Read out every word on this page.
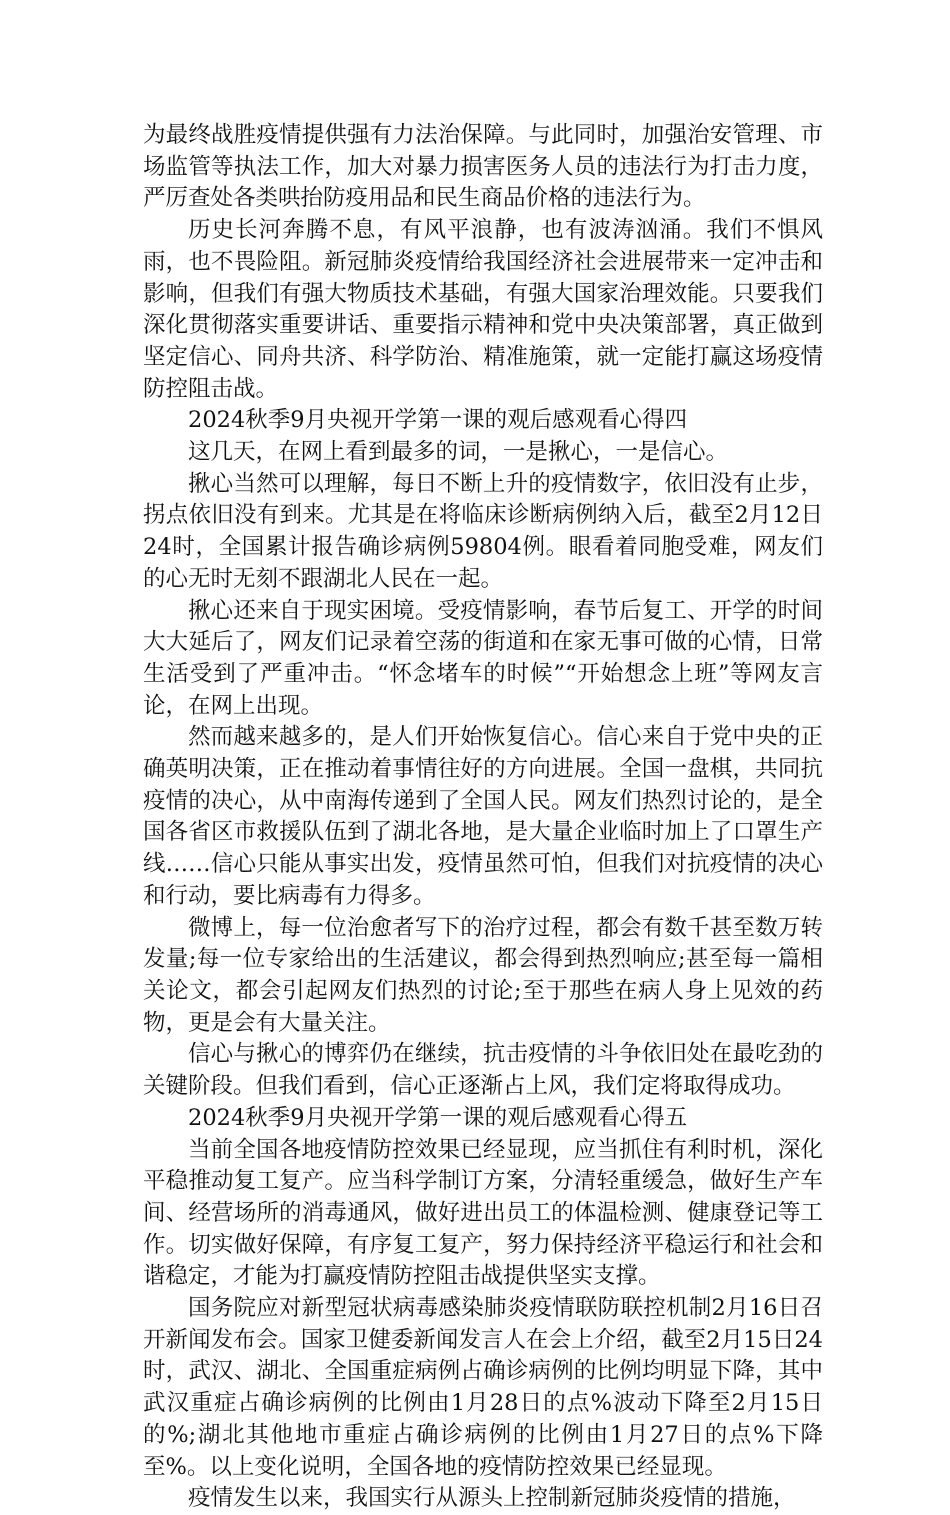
为最终战胜疫情提供强有力法治保障。与此同时，加强治安管理、市场监管等执法工作，加大对暴力损害医务人员的违法行为打击力度，严厉查处各类哄抬防疫用品和民生商品价格的违法行为。

历史长河奔腾不息，有风平浪静，也有波涛汹涌。我们不惧风雨，也不畏险阻。新冠肺炎疫情给我国经济社会进展带来一定冲击和影响，但我们有强大物质技术基础，有强大国家治理效能。只要我们深化贯彻落实重要讲话、重要指示精神和党中央决策部署，真正做到坚定信心、同舟共济、科学防治、精准施策，就一定能打赢这场疫情防控阻击战。

2024秋季9月央视开学第一课的观后感观看心得四

这几天，在网上看到最多的词，一是揪心，一是信心。

揪心当然可以理解，每日不断上升的疫情数字，依旧没有止步，拐点依旧没有到来。尤其是在将临床诊断病例纳入后，截至2月12日24时，全国累计报告确诊病例59804例。眼看着同胞受难，网友们的心无时无刻不跟湖北人民在一起。

揪心还来自于现实困境。受疫情影响，春节后复工、开学的时间大大延后了，网友们记录着空荡的街道和在家无事可做的心情，日常生活受到了严重冲击。“怀念堵车的时候”“开始想念上班”等网友言论，在网上出现。

然而越来越多的，是人们开始恢复信心。信心来自于党中央的正确英明决策，正在推动着事情往好的方向进展。全国一盘棋，共同抗疫情的决心，从中南海传递到了全国人民。网友们热烈讨论的，是全国各省区市救援队伍到了湖北各地，是大量企业临时加上了口罩生产线……信心只能从事实出发，疫情虽然可怕，但我们对抗疫情的决心和行动，要比病毒有力得多。

微博上，每一位治愈者写下的治疗过程，都会有数千甚至数万转发量;每一位专家给出的生活建议，都会得到热烈响应;甚至每一篇相关论文，都会引起网友们热烈的讨论;至于那些在病人身上见效的药物，更是会有大量关注。

信心与揪心的博弈仍在继续，抗击疫情的斗争依旧处在最吃劲的关键阶段。但我们看到，信心正逐渐占上风，我们定将取得成功。

2024秋季9月央视开学第一课的观后感观看心得五

当前全国各地疫情防控效果已经显现，应当抓住有利时机，深化平稳推动复工复产。应当科学制订方案，分清轻重缓急，做好生产车间、经营场所的消毒通风，做好进出员工的体温检测、健康登记等工作。切实做好保障，有序复工复产，努力保持经济平稳运行和社会和谐稳定，才能为打赢疫情防控阻击战提供坚实支撑。

国务院应对新型冠状病毒感染肺炎疫情联防联控机制2月16日召开新闻发布会。国家卫健委新闻发言人在会上介绍，截至2月15日24时，武汉、湖北、全国重症病例占确诊病例的比例均明显下降，其中武汉重症占确诊病例的比例由1月28日的点%波动下降至2月15日的%;湖北其他地市重症占确诊病例的比例由1月27日的点%下降至%。以上变化说明，全国各地的疫情防控效果已经显现。

疫情发生以来，我国实行从源头上控制新冠肺炎疫情的措施，
